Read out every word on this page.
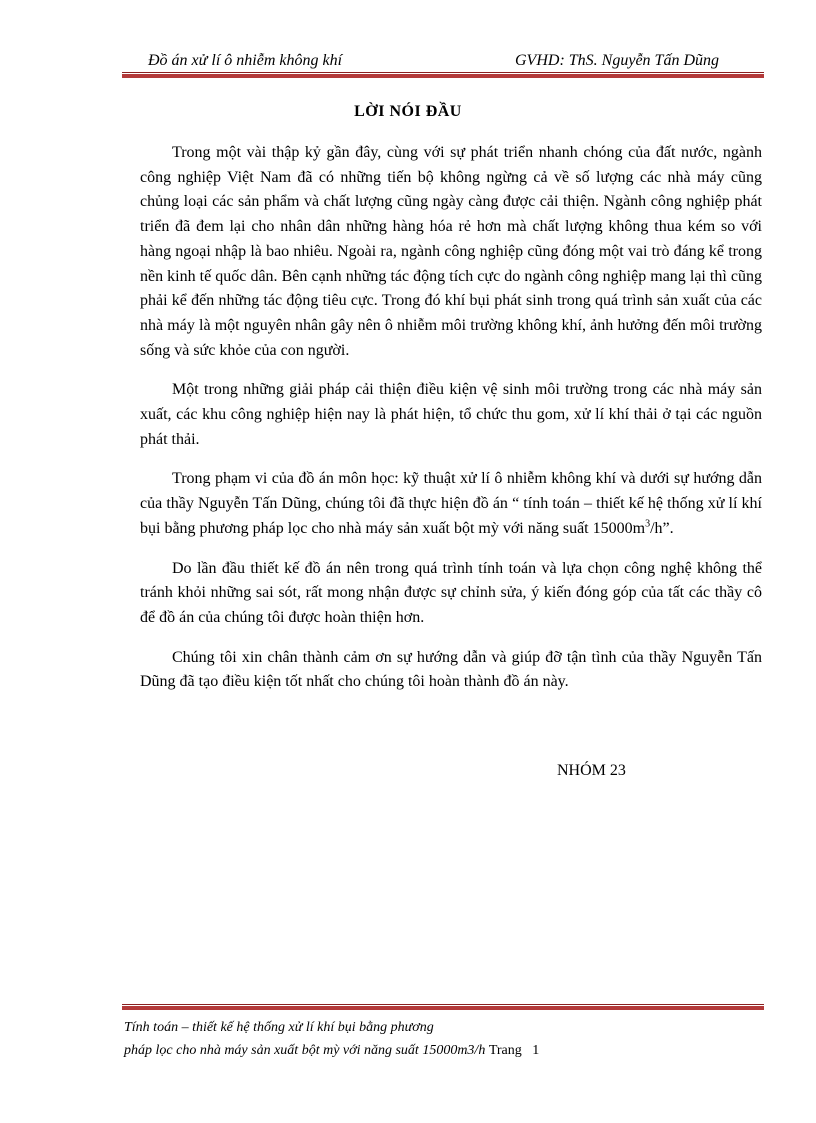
Đồ án xử lí ô nhiễm không khí	GVHD: ThS. Nguyễn Tấn Dũng
LỜI NÓI ĐẦU

Trong một vài thập kỷ gần đây, cùng với sự phát triển nhanh chóng của đất nước, ngành công nghiệp Việt Nam đã có những tiến bộ không ngừng cả về số lượng các nhà máy cũng chủng loại các sản phẩm và chất lượng cũng ngày càng được cải thiện. Ngành công nghiệp phát triển đã đem lại cho nhân dân những hàng hóa rẻ hơn mà chất lượng không thua kém so với hàng ngoại nhập là bao nhiêu. Ngoài ra, ngành công nghiệp cũng đóng một vai trò đáng kể trong nền kinh tế quốc dân. Bên cạnh những tác động tích cực do ngành công nghiệp mang lại thì cũng phải kể đến những tác động tiêu cực. Trong đó khí bụi phát sinh trong quá trình sản xuất của các nhà máy là một nguyên nhân gây nên ô nhiễm môi trường không khí, ảnh hưởng đến môi trường sống và sức khỏe của con người.

Một trong những giải pháp cải thiện điều kiện vệ sinh môi trường trong các nhà máy sản xuất, các khu công nghiệp hiện nay là phát hiện, tổ chức thu gom, xử lí khí thải ở tại các nguồn phát thải.

Trong phạm vi của đồ án môn học: kỹ thuật xử lí ô nhiễm không khí và dưới sự hướng dẫn của thầy Nguyễn Tấn Dũng, chúng tôi đã thực hiện đồ án “ tính toán – thiết kế hệ thống xử lí khí bụi bằng phương pháp lọc cho nhà máy sản xuất bột mỳ với năng suất $15000m^3/h$”.

Do lần đầu thiết kế đồ án nên trong quá trình tính toán và lựa chọn công nghệ không thể tránh khỏi những sai sót, rất mong nhận được sự chỉnh sửa, ý kiến đóng góp của tất các thầy cô để đồ án của chúng tôi được hoàn thiện hơn.

Chúng tôi xin chân thành cảm ơn sự hướng dẫn và giúp đỡ tận tình của thầy Nguyễn Tấn Dũng đã tạo điều kiện tốt nhất cho chúng tôi hoàn thành đồ án này.

NHÓM 23
Tính toán – thiết kế hệ thống xử lí khí bụi bằng phương
pháp lọc cho nhà máy sản xuất bột mỳ với năng suất 15000m3/h Trang 1
